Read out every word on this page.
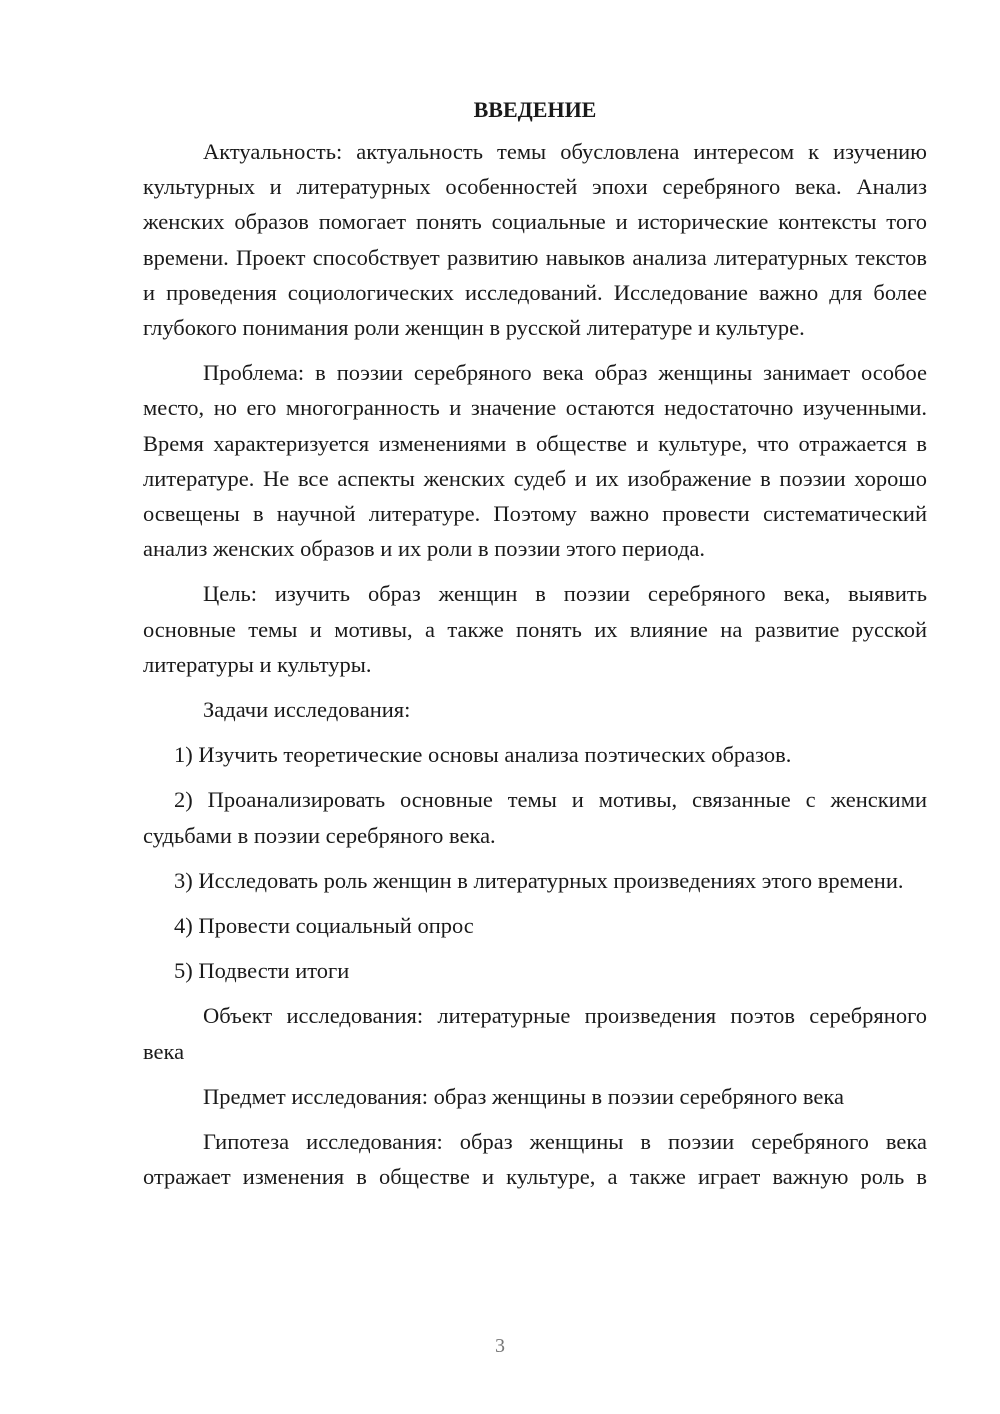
ВВЕДЕНИЕ

Актуальность: актуальность темы обусловлена интересом к изучению культурных и литературных особенностей эпохи серебряного века. Анализ женских образов помогает понять социальные и исторические контексты того времени. Проект способствует развитию навыков анализа литературных текстов и проведения социологических исследований. Исследование важно для более глубокого понимания роли женщин в русской литературе и культуре.

Проблема: в поэзии серебряного века образ женщины занимает особое место, но его многогранность и значение остаются недостаточно изученными. Время характеризуется изменениями в обществе и культуре, что отражается в литературе. Не все аспекты женских судеб и их изображение в поэзии хорошо освещены в научной литературе. Поэтому важно провести систематический анализ женских образов и их роли в поэзии этого периода.

Цель: изучить образ женщин в поэзии серебряного века, выявить основные темы и мотивы, а также понять их влияние на развитие русской литературы и культуры.

Задачи исследования:

1) Изучить теоретические основы анализа поэтических образов.

2) Проанализировать основные темы и мотивы, связанные с женскими судьбами в поэзии серебряного века.

3) Исследовать роль женщин в литературных произведениях этого времени.

4) Провести социальный опрос

5) Подвести итоги

Объект исследования: литературные произведения поэтов серебряного века

Предмет исследования: образ женщины в поэзии серебряного века

Гипотеза исследования: образ женщины в поэзии серебряного века отражает изменения в обществе и культуре, а также играет важную роль в

3
